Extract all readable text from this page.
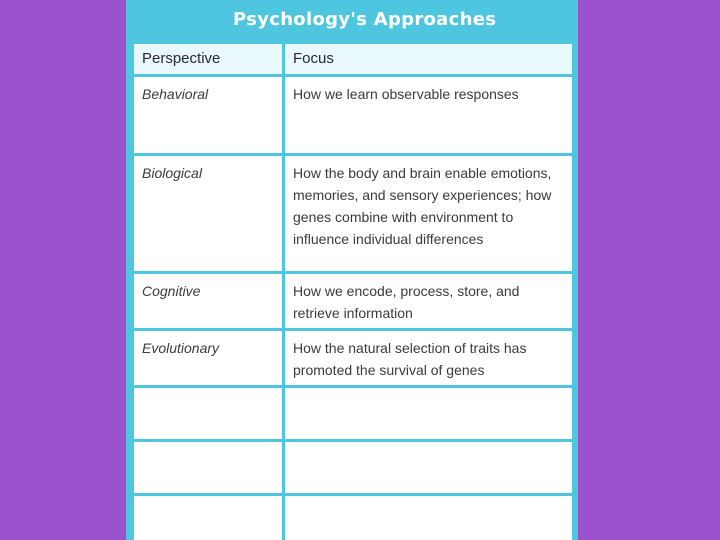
Psychology's Approaches
Perspective	Focus
Behavioral	How we learn observable responses
Biological	How the body and brain enable emotions, memories, and sensory experiences; how genes combine with environment to influence individual differences
Cognitive	How we encode, process, store, and retrieve information
Evolutionary	How the natural selection of traits has promoted the survival of genes
